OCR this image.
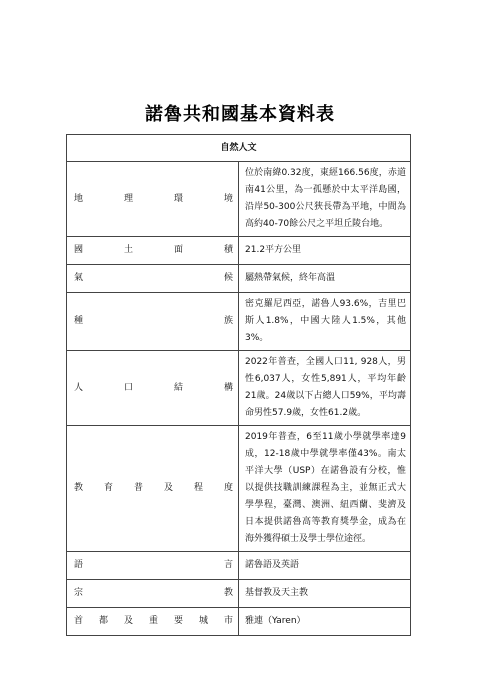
諾魯共和國基本資料表
自然人文	
地理環境	位於南緯0.32度，東經166.56度，赤道南41公里，為一孤懸於中太平洋島國，沿岸50-300公尺狹長帶為平地，中間為高約40-70餘公尺之平坦丘陵台地。
國土面積	21.2平方公里
氣候	屬熱帶氣候，終年高溫
種族	密克羅尼西亞，諾魯人93.6%，吉里巴斯人1.8%，中國大陸人1.5%，其他3%。
人口結構	2022年普查，全國人口11, 928人，男性6,037人，女性5,891人，平均年齡21歲。24歲以下占總人口59%，平均壽命男性57.9歲，女性61.2歲。
教育普及程度	2019年普查，6至11歲小學就學率達9成，12-18歲中學就學率僅43%。南太平洋大學（USP）在諾魯設有分校，惟以提供技職訓練課程為主，並無正式大學學程，臺灣、澳洲、紐西蘭、斐濟及日本提供諾魯高等教育獎學金，成為在海外獲得碩士及學士學位途徑。
語言	諾魯語及英語
宗教	基督教及天主教
首都及重要城市	雅連（Yaren）
